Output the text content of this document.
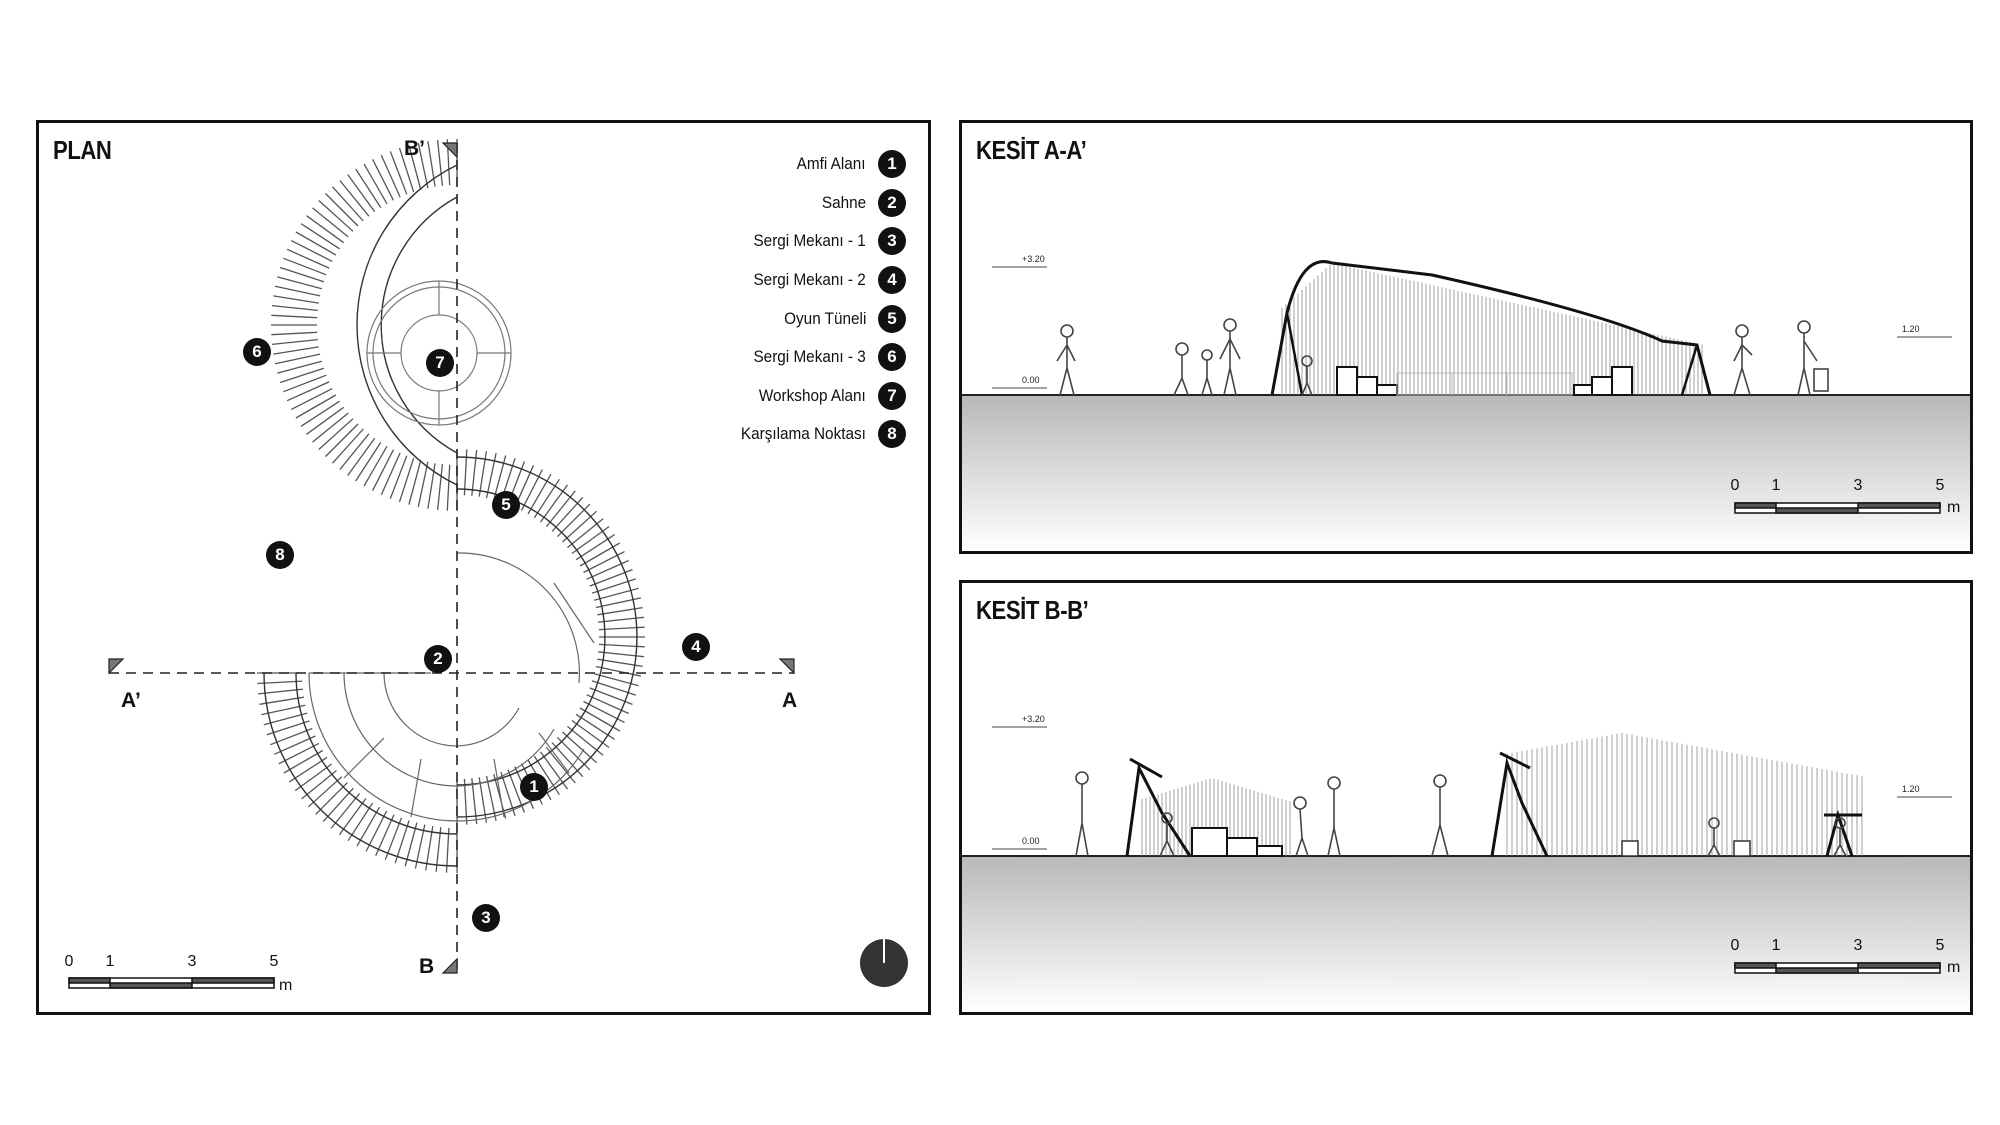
PLAN	Amfi Alanı	1
Sahne	2
Sergi Mekanı - 1	3
Sergi Mekanı - 2	4
Oyun Tüneli	5
Sergi Mekanı - 3	6
Workshop Alanı	7
Karşılama Noktası	8
1
2
3
4
5
6
7
8
B’
B
A’	A
0 1	3	5
m
KESİT A-A’
+3.20
0.00
1.20
0 1	3	5
m
KESİT B-B’
+3.20
0.00
1.20
0 1	3	5
m
